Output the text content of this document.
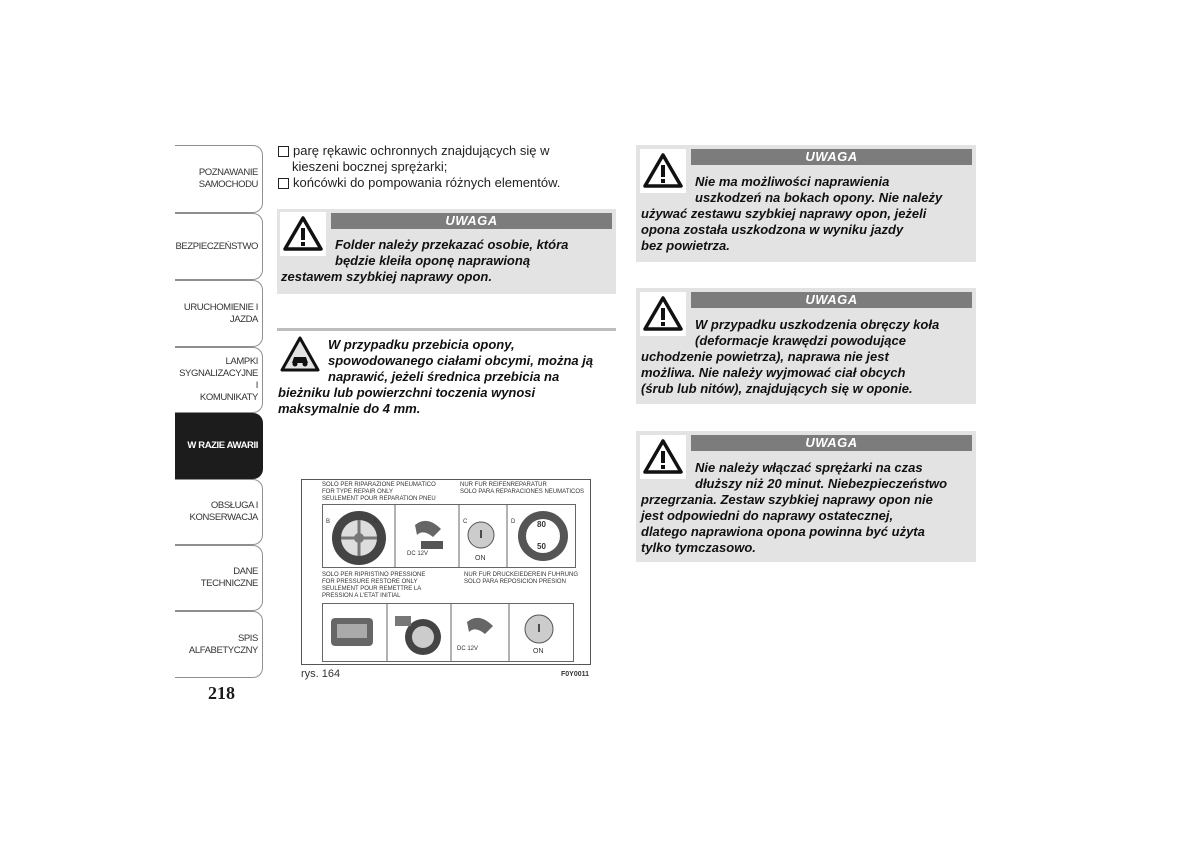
POZNAWANIE
SAMOCHODU
BEZPIECZEŃSTWO
URUCHOMIENIE I
JAZDA
LAMPKI
SYGNALIZACYJNE I
KOMUNIKATY
W RAZIE AWARII
OBSŁUGA I
KONSERWACJA
DANE TECHNICZNE
SPIS ALFABETYCZNY
218
parę rękawic ochronnych znajdujących się w
kieszeni bocznej sprężarki;
końcówki do pompowania różnych elementów.
UWAGA
Folder należy przekazać osobie, która
będzie kleiła oponę naprawioną
zestawem szybkiej naprawy opon.
W przypadku przebicia opony,
spowodowanego ciałami obcymi, można ją
naprawić, jeżeli średnica przebicia na
bieżniku lub powierzchni toczenia wynosi
maksymalnie do 4 mm.
SOLO PER RIPARAZIONE PNEUMATICO
FOR TYPE REPAIR ONLY
SEULEMENT POUR REPARATION PNEU
NUR FUR REIFENREPARATUR
SOLO PARA REPARACIONES NEUMATICOS
B	A	C	D
DC 12V
ON
80
50
SOLO PER RIPRISTINO PRESSIONE
FOR PRESSURE RESTORE ONLY
SEULEMENT POUR REMETTRE LA
PRESSION A L'ETAT INITIAL
NUR FUR DRUCKEIEDEREIN FUHRUNG
SOLO PARA REPOSICION PRESION
DC 12V	ON
rys. 164	F0Y0011
UWAGA
Nie ma możliwości naprawienia
uszkodzeń na bokach opony. Nie należy
używać zestawu szybkiej naprawy opon, jeżeli
opona została uszkodzona w wyniku jazdy
bez powietrza.
UWAGA
W przypadku uszkodzenia obręczy koła
(deformacje krawędzi powodujące
uchodzenie powietrza), naprawa nie jest
możliwa. Nie należy wyjmować ciał obcych
(śrub lub nitów), znajdujących się w oponie.
UWAGA
Nie należy włączać sprężarki na czas
dłuższy niż 20 minut. Niebezpieczeństwo
przegrzania. Zestaw szybkiej naprawy opon nie
jest odpowiedni do naprawy ostatecznej,
dlatego naprawiona opona powinna być użyta
tylko tymczasowo.
